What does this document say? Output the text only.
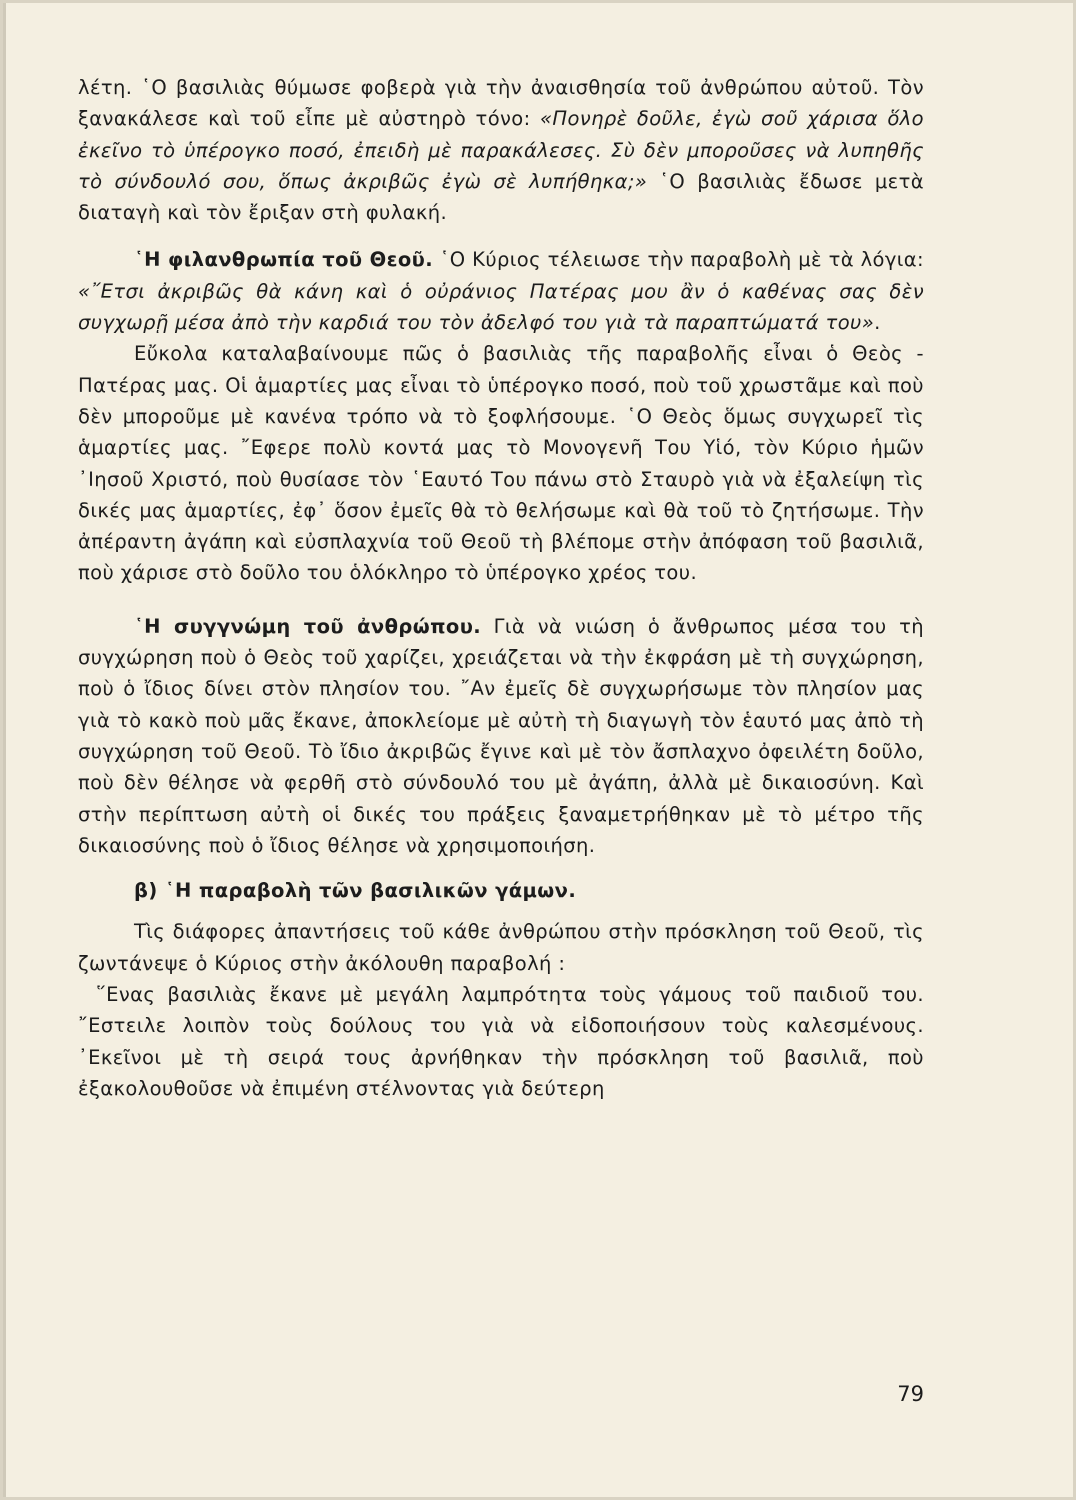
λέτη. ῾Ο βασιλιὰς θύμωσε φοβερὰ γιὰ τὴν ἀναισθησία τοῦ ἀνθρώπου αὐτοῦ. Τὸν ξανακάλεσε καὶ τοῦ εἶπε μὲ αὐστηρὸ τόνο: «Πονηρὲ δοῦλε, ἐγὼ σοῦ χάρισα ὅλο ἐκεῖνο τὸ ὑπέρογκο ποσό, ἐπειδὴ μὲ παρακάλεσες. Σὺ δὲν μποροῦσες νὰ λυπηθῆς τὸ σύνδουλό σου, ὅπως ἀκριβῶς ἐγὼ σὲ λυπήθηκα;» ῾Ο βασιλιὰς ἔδωσε μετὰ διαταγὴ καὶ τὸν ἔριξαν στὴ φυλακή.

῾Η φιλανθρωπία τοῦ Θεοῦ. ῾Ο Κύριος τέλειωσε τὴν παραβολὴ μὲ τὰ λόγια: «῎Ετσι ἀκριβῶς θὰ κάνη καὶ ὁ οὐράνιος Πατέρας μου ἂν ὁ καθένας σας δὲν συγχωρῇ μέσα ἀπὸ τὴν καρδιά του τὸν ἀδελφό του γιὰ τὰ παραπτώματά του».

Εὔκολα καταλαβαίνουμε πῶς ὁ βασιλιὰς τῆς παραβολῆς εἶναι ὁ Θεὸς - Πατέρας μας. Οἱ ἁμαρτίες μας εἶναι τὸ ὑπέρογκο ποσό, ποὺ τοῦ χρωστᾶμε καὶ ποὺ δὲν μποροῦμε μὲ κανένα τρόπο νὰ τὸ ξοφλήσουμε. ῾Ο Θεὸς ὅμως συγχωρεῖ τὶς ἁμαρτίες μας. ῎Εφερε πολὺ κοντά μας τὸ Μονογενῆ Του Υἱό, τὸν Κύριο ἡμῶν ᾿Ιησοῦ Χριστό, ποὺ θυσίασε τὸν ῾Εαυτό Του πάνω στὸ Σταυρὸ γιὰ νὰ ἐξαλείψη τὶς δικές μας ἁμαρτίες, ἐφ᾿ ὅσον ἐμεῖς θὰ τὸ θελήσωμε καὶ θὰ τοῦ τὸ ζητήσωμε. Τὴν ἀπέραντη ἀγάπη καὶ εὐσπλαχνία τοῦ Θεοῦ τὴ βλέπομε στὴν ἀπόφαση τοῦ βασιλιᾶ, ποὺ χάρισε στὸ δοῦλο του ὁλόκληρο τὸ ὑπέρογκο χρέος του.

῾Η συγγνώμη τοῦ ἀνθρώπου. Γιὰ νὰ νιώση ὁ ἄνθρωπος μέσα του τὴ συγχώρηση ποὺ ὁ Θεὸς τοῦ χαρίζει, χρειάζεται νὰ τὴν ἐκφράση μὲ τὴ συγχώρηση, ποὺ ὁ ἴδιος δίνει στὸν πλησίον του. ῎Αν ἐμεῖς δὲ συγχωρήσωμε τὸν πλησίον μας γιὰ τὸ κακὸ ποὺ μᾶς ἔκανε, ἀποκλείομε μὲ αὐτὴ τὴ διαγωγὴ τὸν ἑαυτό μας ἀπὸ τὴ συγχώρηση τοῦ Θεοῦ. Τὸ ἴδιο ἀκριβῶς ἔγινε καὶ μὲ τὸν ἄσπλαχνο ὀφειλέτη δοῦλο, ποὺ δὲν θέλησε νὰ φερθῆ στὸ σύνδουλό του μὲ ἀγάπη, ἀλλὰ μὲ δικαιοσύνη. Καὶ στὴν περίπτωση αὐτὴ οἱ δικές του πράξεις ξαναμετρήθηκαν μὲ τὸ μέτρο τῆς δικαιοσύνης ποὺ ὁ ἴδιος θέλησε νὰ χρησιμοποιήση.

β) ῾Η παραβολὴ τῶν βασιλικῶν γάμων.

Τὶς διάφορες ἀπαντήσεις τοῦ κάθε ἀνθρώπου στὴν πρόσκληση τοῦ Θεοῦ, τὶς ζωντάνεψε ὁ Κύριος στὴν ἀκόλουθη παραβολή :

῞Ενας βασιλιὰς ἔκανε μὲ μεγάλη λαμπρότητα τοὺς γάμους τοῦ παιδιοῦ του. ῎Εστειλε λοιπὸν τοὺς δούλους του γιὰ νὰ εἰδοποιήσουν τοὺς καλεσμένους. ᾿Εκεῖνοι μὲ τὴ σειρά τους ἀρνήθηκαν τὴν πρόσκληση τοῦ βασιλιᾶ, ποὺ ἐξακολουθοῦσε νὰ ἐπιμένη στέλνοντας γιὰ δεύτερη

79
